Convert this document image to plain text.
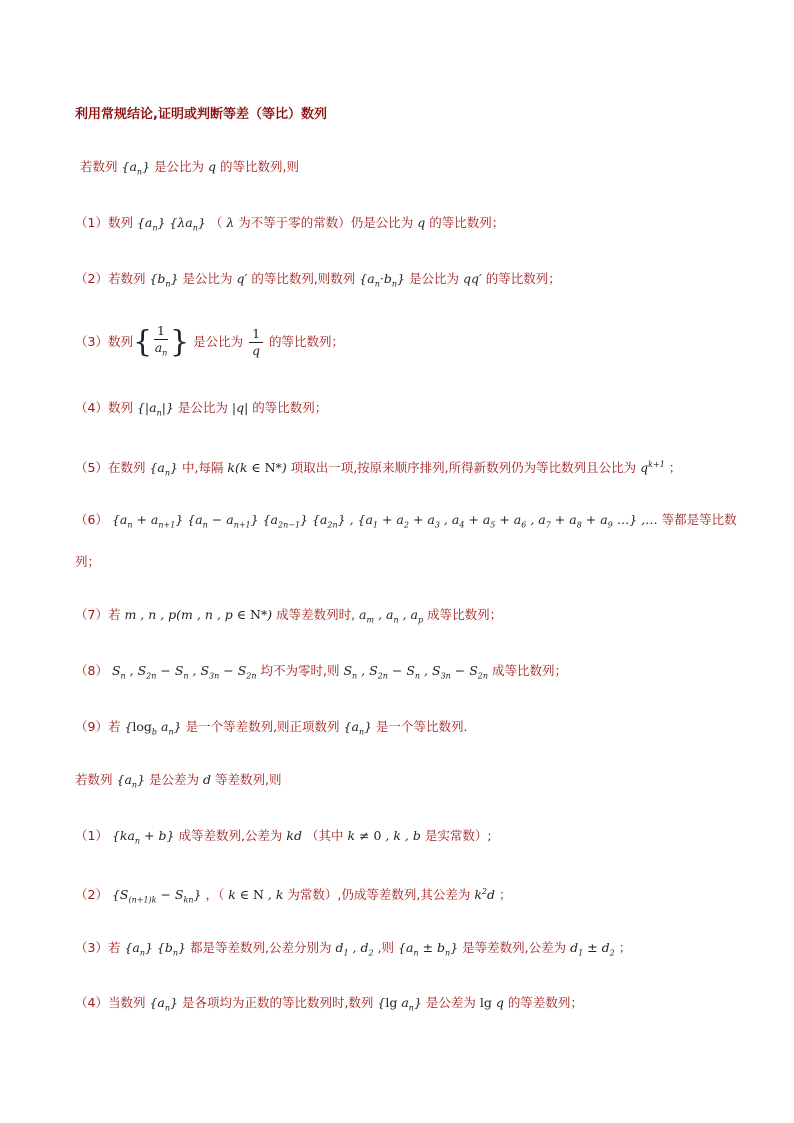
利用常规结论,证明或判断等差（等比）数列
若数列 $\{a_n\}$ 是公比为 q 的等比数列,则
（1）数列 $\{a_n\}$ $\{\lambda a_n\}$ （ λ 为不等于零的常数）仍是公比为 q 的等比数列；
（2）若数列 $\{b_n\}$ 是公比为 q′ 的等比数列,则数列 $\{a_n\cdot b_n\}$ 是公比为 qq′ 的等比数列；
（3）数列{ $\frac{1}{a_n}$ } 是公比为 $\frac{1}{q}$ 的等比数列；
（4）数列 $\{|a_n|\}$ 是公比为 |q| 的等比数列；
（5）在数列 $\{a_n\}$ 中,每隔 k(k ∈ N*) 项取出一项,按原来顺序排列,所得新数列仍为等比数列且公比为 $q^{k+1}$ ；
（6） $\{a_n + a_{n+1}\} \{a_n - a_{n+1}\}$ $\{a_{2n-1}\}$ $\{a_{2n}\}$ , {$a_1 + a_2 + a_3$ , $a_4 + a_5 + a_6$ , $a_7 + a_8 + a_9$ …} ,… 等都是等比数
列；
（7）若 m , n , p(m , n , p ∈ N*) 成等差数列时, $a_m$ , $a_n$ , $a_p$ 成等比数列；
（8） $S_n$ , $S_{2n} - S_n$ , $S_{3n} - S_{2n}$ 均不为零时,则 $S_n$ , $S_{2n} - S_n$ , $S_{3n} - S_{2n}$ 成等比数列；
（9）若 {$\log_b$ $a_n$} 是一个等差数列,则正项数列 $\{a_n\}$ 是一个等比数列．
若数列 $\{a_n\}$ 是公差为 d 等差数列,则
（1） $\{ka_n + b\}$ 成等差数列,公差为 kd （其中 k ≠ 0 , k , b 是实常数）;
（2） $\{S_{(n+1)k} - S_{kn}\}$ ，（ k ∈ N , k 为常数）,仍成等差数列,其公差为 $k^2d$ ；
（3）若 $\{a_n\}$ $\{b_n\}$ 都是等差数列,公差分别为 $d_1$ , $d_2$ ,则 $\{a_n \pm b_n\}$ 是等差数列,公差为 $d_1 \pm d_2$ ；
（4）当数列 $\{a_n\}$ 是各项均为正数的等比数列时,数列 {lg $a_n$} 是公差为 lg q 的等差数列；
